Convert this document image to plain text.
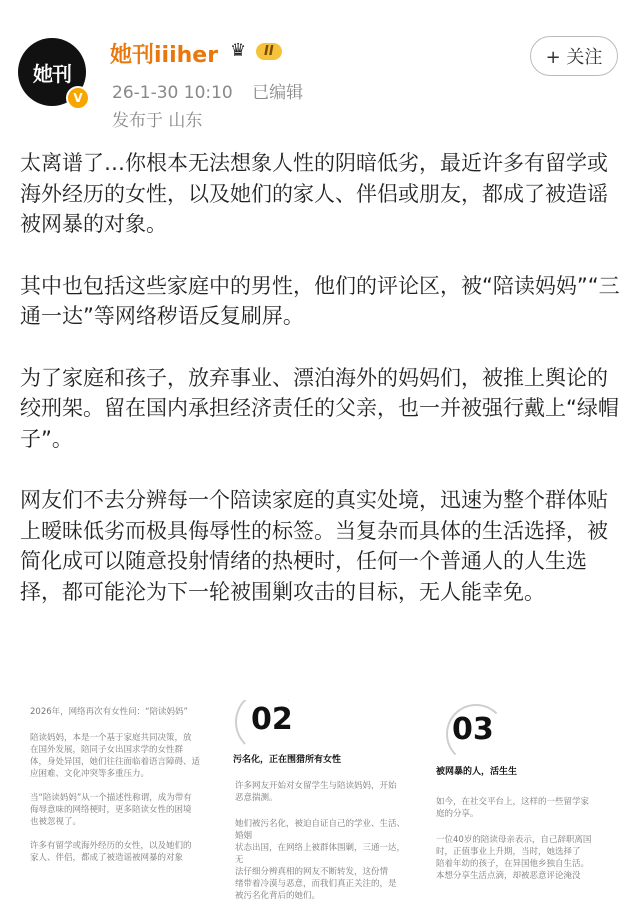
她刊
V
她刊iiiher ♛	II
26-1-30 10:10 已编辑
发布于 山东
+ 关注

太离谱了…你根本无法想象人性的阴暗低劣，最近许多有留学或海外经历的女性，以及她们的家人、伴侣或朋友，都成了被造谣被网暴的对象。

其中也包括这些家庭中的男性，他们的评论区，被“陪读妈妈”“三通一达”等网络秽语反复刷屏。

为了家庭和孩子，放弃事业、漂泊海外的妈妈们，被推上舆论的绞刑架。留在国内承担经济责任的父亲，也一并被强行戴上“绿帽子”。

网友们不去分辨每一个陪读家庭的真实处境，迅速为整个群体贴上暧昧低劣而极具侮辱性的标签。当复杂而具体的生活选择，被简化成可以随意投射情绪的热梗时，任何一个普通人的人生选择，都可能沦为下一轮被围剿攻击的目标，无人能幸免。

2026年，网络再次有女性问：“陪读妈妈”
陪读妈妈，本是一个基于家庭共同决策，放
在国外发展，陪同子女出国求学的女性群
体，身处异国，她们往往面临着语言障碍、适
应困难、文化冲突等多重压力。
当“陪读妈妈”从一个描述性称谓，成为带有
侮辱意味的网络梗时，更多陪读女性的困境
也被忽视了。
许多有留学或海外经历的女性，以及她们的
家人、伴侣，都成了被造谣被网暴的对象
02
污名化，正在围猎所有女性
许多网友开始对女留学生与陪读妈妈，开始
恶意揣测。
她们被污名化，被迫自证自己的学业、生活、婚姻
状态出国，在网络上被群体围剿，三通一达，无
法仔细分辨真相的网友不断转发，这份情
绪带着冷漠与恶意，而我们真正关注的，是
被污名化背后的她们。
03
被网暴的人，活生生
如今，在社交平台上，这样的一些留学家
庭的分享。
一位40岁的陪读母亲表示，自己辞职离国
时，正值事业上升期，当时，她选择了
陪着年幼的孩子，在异国他乡独自生活。
本想分享生活点滴，却被恶意评论淹没
